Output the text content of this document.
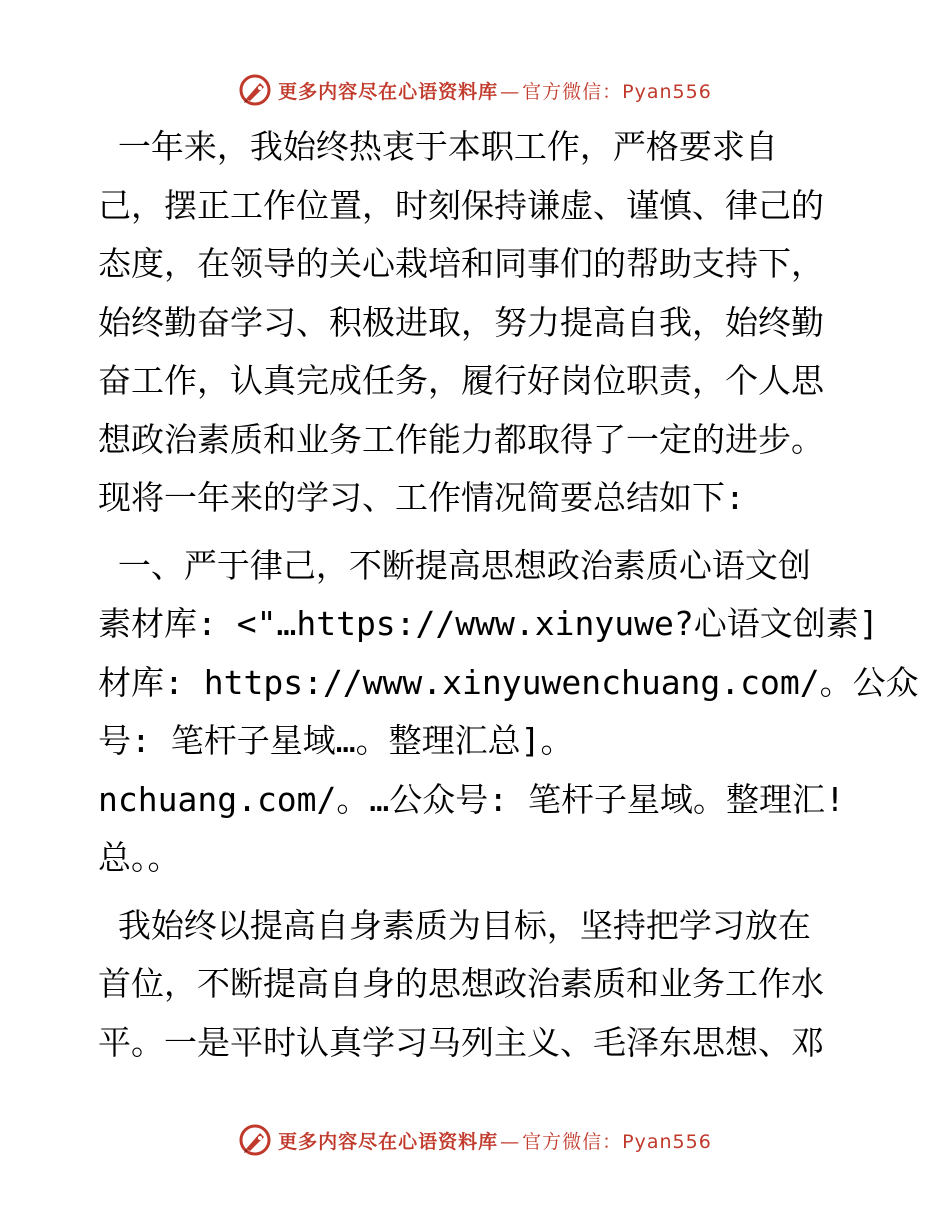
更多内容尽在心语资料库 — 官方微信：Pyan556
一年来，我始终热衷于本职工作，严格要求自
己，摆正工作位置，时刻保持谦虚、谨慎、律己的
态度，在领导的关心栽培和同事们的帮助支持下，
始终勤奋学习、积极进取，努力提高自我，始终勤
奋工作，认真完成任务，履行好岗位职责，个人思
想政治素质和业务工作能力都取得了一定的进步。
现将一年来的学习、工作情况简要总结如下:
一、严于律己，不断提高思想政治素质心语文创
素材库: <"…https://www.xinyuwe?心语文创素]
材库: https://www.xinyuwenchuang.com/。公众
号: 笔杆子星域…。整理汇总]。
nchuang.com/。…公众号: 笔杆子星域。整理汇!
总。。
我始终以提高自身素质为目标，坚持把学习放在
首位，不断提高自身的思想政治素质和业务工作水
平。一是平时认真学习马列主义、毛泽东思想、邓
更多内容尽在心语资料库 — 官方微信：Pyan556
